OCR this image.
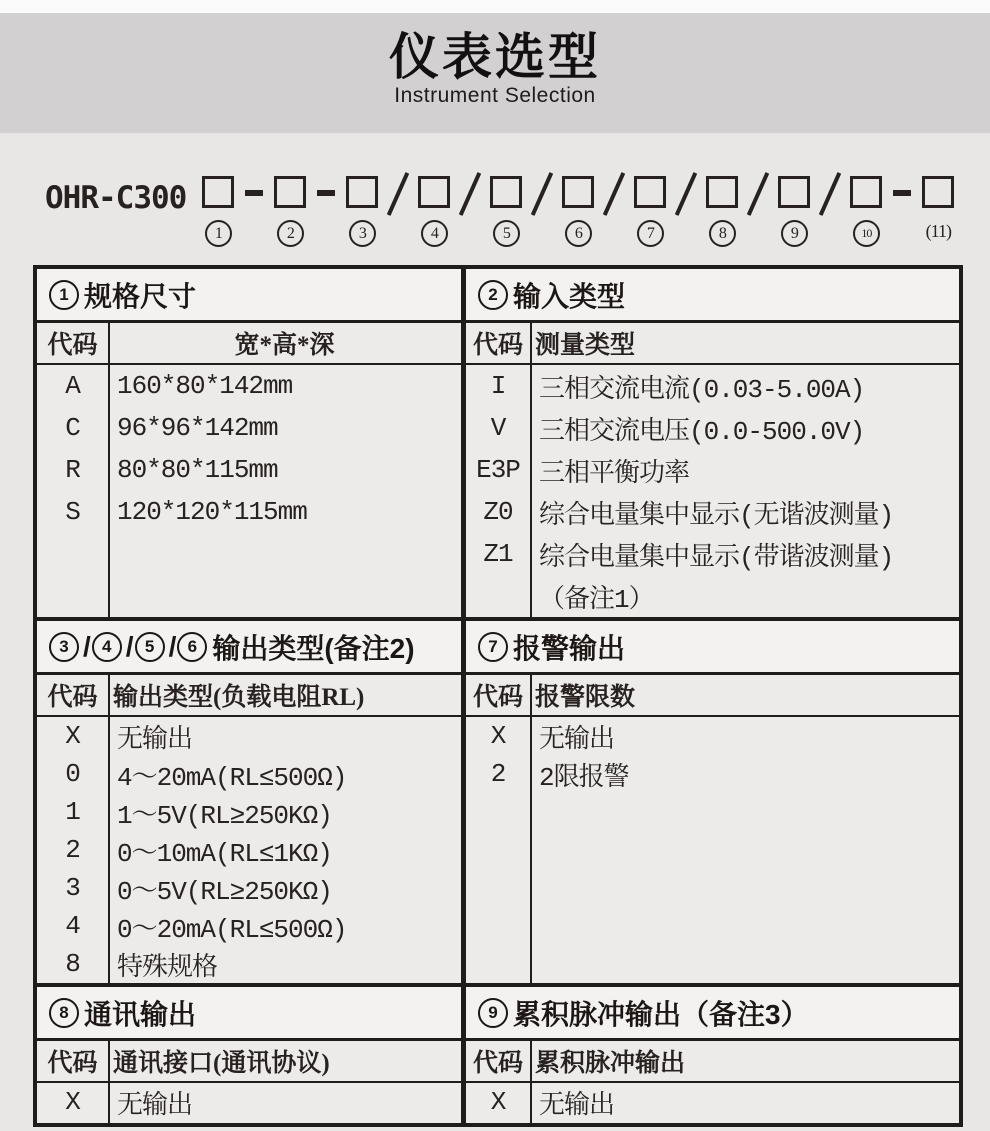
仪表选型
Instrument Selection
OHR-C300
1	2	3	4	5	6	7	8	9	10	(11)
1 规格尺寸
代码	宽*高*深
A	160*80*142mm
C	96*96*142mm
R	80*80*115mm
S	120*120*115mm
2 输入类型
代码 测量类型
I	三相交流电流(0.03-5.00A)
V	三相交流电压(0.0-500.0V)
E3P 三相平衡功率
Z0	综合电量集中显示(无谐波测量)
Z1	综合电量集中显示(带谐波测量)
（备注1）
3 / 4 / 5 / 6 输出类型(备注2)
代码 输出类型(负载电阻RL)
X	无输出
0	4～20mA(RL≤500Ω)
1	1～5V(RL≥250KΩ)
2	0～10mA(RL≤1KΩ)
3	0～5V(RL≥250KΩ)
4	0～20mA(RL≤500Ω)
8	特殊规格
7 报警输出
代码 报警限数
X	无输出
2	2限报警
8 通讯输出
代码 通讯接口(通讯协议)
X	无输出
9 累积脉冲输出（备注3）
代码 累积脉冲输出
X	无输出
